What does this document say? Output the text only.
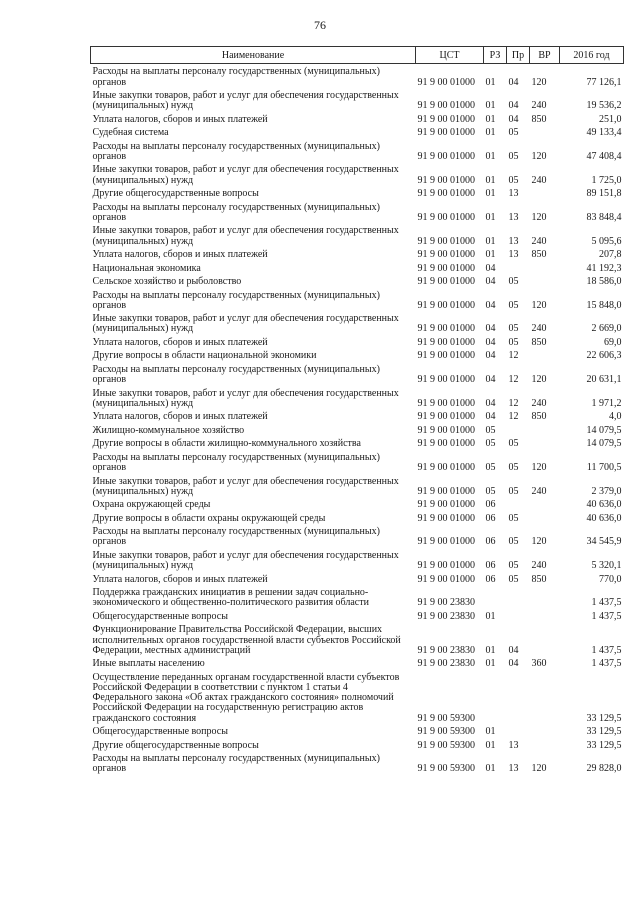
76
Наименование	ЦСТ	РЗ	Пр	ВР	2016 год
Расходы на выплаты персоналу государственных (муниципальных) органов	91 9 00 01000	01	04	120	77 126,1
Иные закупки товаров, работ и услуг для обеспечения государственных (муниципальных) нужд	91 9 00 01000	01	04	240	19 536,2
Уплата налогов, сборов и иных платежей	91 9 00 01000	01	04	850	251,0
Судебная система	91 9 00 01000	01	05		49 133,4
Расходы на выплаты персоналу государственных (муниципальных) органов	91 9 00 01000	01	05	120	47 408,4
Иные закупки товаров, работ и услуг для обеспечения государственных (муниципальных) нужд	91 9 00 01000	01	05	240	1 725,0
Другие общегосударственные вопросы	91 9 00 01000	01	13		89 151,8
Расходы на выплаты персоналу государственных (муниципальных) органов	91 9 00 01000	01	13	120	83 848,4
Иные закупки товаров, работ и услуг для обеспечения государственных (муниципальных) нужд	91 9 00 01000	01	13	240	5 095,6
Уплата налогов, сборов и иных платежей	91 9 00 01000	01	13	850	207,8
Национальная экономика	91 9 00 01000	04			41 192,3
Сельское хозяйство и рыболовство	91 9 00 01000	04	05		18 586,0
Расходы на выплаты персоналу государственных (муниципальных) органов	91 9 00 01000	04	05	120	15 848,0
Иные закупки товаров, работ и услуг для обеспечения государственных (муниципальных) нужд	91 9 00 01000	04	05	240	2 669,0
Уплата налогов, сборов и иных платежей	91 9 00 01000	04	05	850	69,0
Другие вопросы в области национальной экономики	91 9 00 01000	04	12		22 606,3
Расходы на выплаты персоналу государственных (муниципальных) органов	91 9 00 01000	04	12	120	20 631,1
Иные закупки товаров, работ и услуг для обеспечения государственных (муниципальных) нужд	91 9 00 01000	04	12	240	1 971,2
Уплата налогов, сборов и иных платежей	91 9 00 01000	04	12	850	4,0
Жилищно-коммунальное хозяйство	91 9 00 01000	05			14 079,5
Другие вопросы в области жилищно-коммунального хозяйства	91 9 00 01000	05	05		14 079,5
Расходы на выплаты персоналу государственных (муниципальных) органов	91 9 00 01000	05	05	120	11 700,5
Иные закупки товаров, работ и услуг для обеспечения государственных (муниципальных) нужд	91 9 00 01000	05	05	240	2 379,0
Охрана окружающей среды	91 9 00 01000	06			40 636,0
Другие вопросы в области охраны окружающей среды	91 9 00 01000	06	05		40 636,0
Расходы на выплаты персоналу государственных (муниципальных) органов	91 9 00 01000	06	05	120	34 545,9
Иные закупки товаров, работ и услуг для обеспечения государственных (муниципальных) нужд	91 9 00 01000	06	05	240	5 320,1
Уплата налогов, сборов и иных платежей	91 9 00 01000	06	05	850	770,0
Поддержка гражданских инициатив в решении задач социально-экономического и общественно-политического развития области	91 9 00 23830				1 437,5
Общегосударственные вопросы	91 9 00 23830	01			1 437,5
Функционирование Правительства Российской Федерации, высших исполнительных органов государственной власти субъектов Российской Федерации, местных администраций	91 9 00 23830	01	04		1 437,5
Иные выплаты населению	91 9 00 23830	01	04	360	1 437,5
Осуществление переданных органам государственной власти субъектов Российской Федерации в соответствии с пунктом 1 статьи 4 Федерального закона «Об актах гражданского состояния» полномочий Российской Федерации на государственную регистрацию актов гражданского состояния	91 9 00 59300				33 129,5
Общегосударственные вопросы	91 9 00 59300	01			33 129,5
Другие общегосударственные вопросы	91 9 00 59300	01	13		33 129,5
Расходы на выплаты персоналу государственных (муниципальных) органов	91 9 00 59300	01	13	120	29 828,0
